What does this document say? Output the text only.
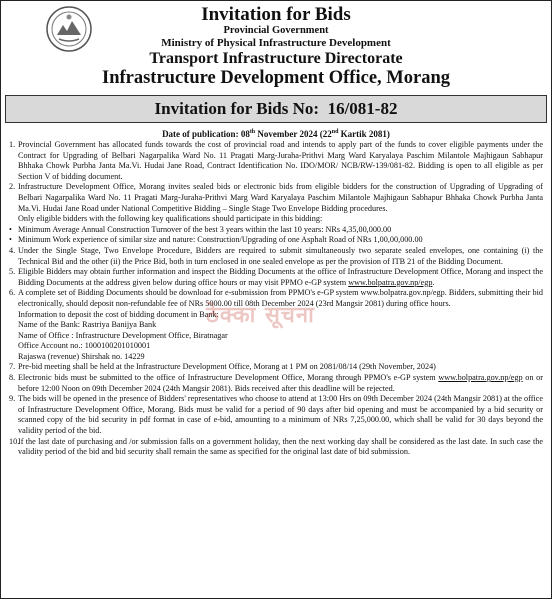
Invitation for Bids
Provincial Government
Ministry of Physical Infrastructure Development
Transport Infrastructure Directorate
Infrastructure Development Office, Morang
Invitation for Bids No: 16/081-82
Date of publication: 08th November 2024 (22nd Kartik 2081)
1. Provincial Government has allocated funds towards the cost of provincial road and intends to apply part of the funds to cover eligible payments under the Contract for Upgrading of Belbari Nagarpalika Ward No. 11 Pragati Marg-Juraha-Prithvi Marg Ward Karyalaya Paschim Milantole Majhigaun Sabhapur Bhhaka Chowk Purbha Janta Ma.Vi. Hudai Jane Road, Contract Identification No. IDO/MOR/ NCB/RW-139/081-82. Bidding is open to all eligible as per Section V of bidding document.
2. Infrastructure Development Office, Morang invites sealed bids or electronic bids from eligible bidders for the construction of Upgrading of Upgrading of Belbari Nagarpalika Ward No. 11 Pragati Marg-Juraha-Prithvi Marg Ward Karyalaya Paschim Milantole Majhigaun Sabhapur Bhhaka Chowk Purbha Janta Ma.Vi. Hudai Jane Road under National Competitive Bidding – Single Stage Two Envelope Bidding procedures.
Only eligible bidders with the following key qualifications should participate in this bidding:
• Minimum Average Annual Construction Turnover of the best 3 years within the last 10 years: NRs 4,35,00,000.00
• Minimum Work experience of similar size and nature: Construction/Upgrading of one Asphalt Road of NRs 1,00,00,000.00
4. Under the Single Stage, Two Envelope Procedure, Bidders are required to submit simultaneously two separate sealed envelopes, one containing (i) the Technical Bid and the other (ii) the Price Bid, both in turn enclosed in one sealed envelope as per the provision of ITB 21 of the Bidding Document.
5. Eligible Bidders may obtain further information and inspect the Bidding Documents at the office of Infrastructure Development Office, Morang and inspect the Bidding Documents at the address given below during office hours or may visit PPMO e-GP system www.bolpatra.gov.np/egp.
6. A complete set of Bidding Documents should be download for e-submission from PPMO's e-GP system www.bolpatra.gov.np/egp. Bidders, submitting their bid electronically, should deposit non-refundable fee of NRs 5000.00 till 08th December 2024 (23rd Mangsir 2081) during office hours.
Information to deposit the cost of bidding document in Bank:
Name of the Bank: Rastriya Banijya Bank
Name of Office : Infrastructure Development Office, Biratnagar
Office Account no.: 1000100201010001
Rajaswa (revenue) Shirshak no. 14229
7. Pre-bid meeting shall be held at the Infrastructure Development Office, Morang at 1 PM on 2081/08/14 (29th November, 2024)
8. Electronic bids must be submitted to the office of Infrastructure Development Office, Morang through PPMO's e-GP system www.bolpatra.gov.np/egp on or before 12:00 Noon on 09th December 2024 (24th Mangsir 2081). Bids received after this deadline will be rejected.
9. The bids will be opened in the presence of Bidders' representatives who choose to attend at 13:00 Hrs on 09th December 2024 (24th Mangsir 2081) at the office of Infrastructure Development Office, Morang. Bids must be valid for a period of 90 days after bid opening and must be accompanied by a bid security or scanned copy of the bid security in pdf format in case of e-bid, amounting to a minimum of NRs 7,25,000.00, which shall be valid for 30 days beyond the validity period of the bid.
10.
If the last date of purchasing and /or submission falls on a government holiday, then the next working day shall be considered as the last date. In such case the validity period of the bid and bid security shall remain the same as specified for the original last date of bid submission.
ठेक्का सूचना
